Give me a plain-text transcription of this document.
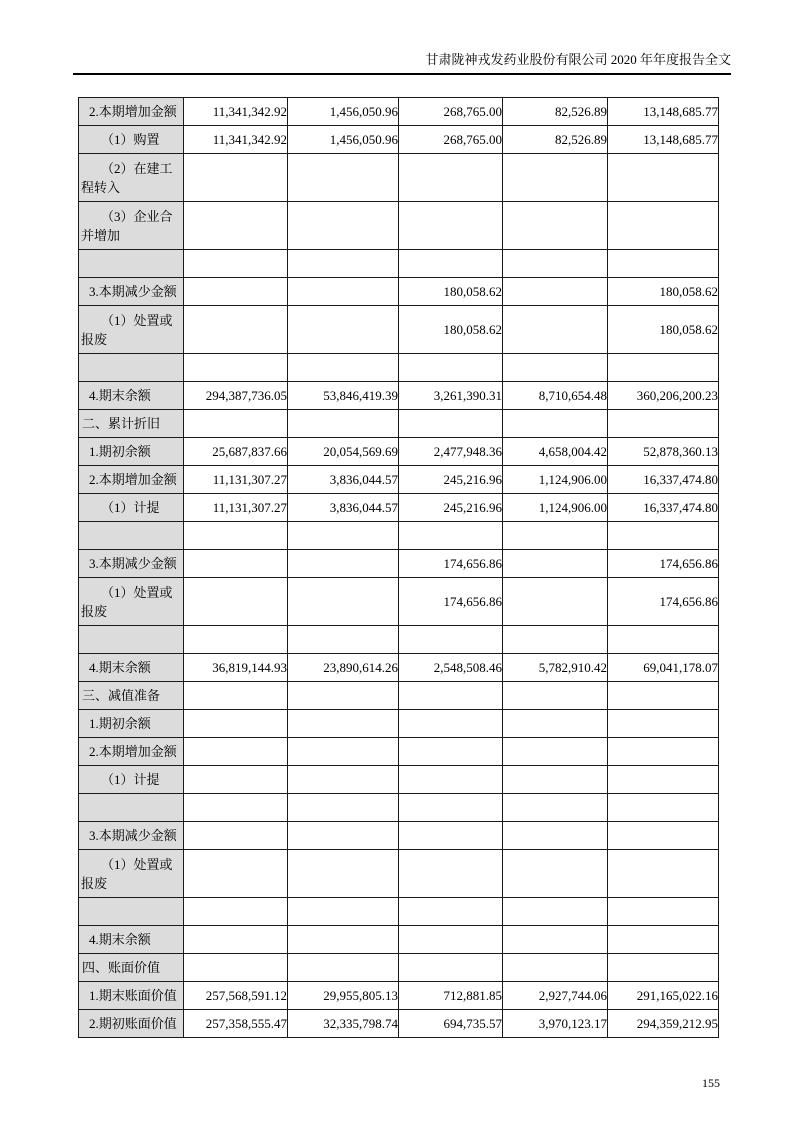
甘肃陇神戎发药业股份有限公司 2020 年年度报告全文
2.本期增加金额	11,341,342.92	1,456,050.96	268,765.00	82,526.89	13,148,685.77
（1）购置	11,341,342.92	1,456,050.96	268,765.00	82,526.89	13,148,685.77
（2）在建工程转入					
（3）企业合并增加					

3.本期减少金额			180,058.62		180,058.62
（1）处置或报废			180,058.62		180,058.62

4.期末余额	294,387,736.05	53,846,419.39	3,261,390.31	8,710,654.48	360,206,200.23
二、累计折旧					
1.期初余额	25,687,837.66	20,054,569.69	2,477,948.36	4,658,004.42	52,878,360.13
2.本期增加金额	11,131,307.27	3,836,044.57	245,216.96	1,124,906.00	16,337,474.80
（1）计提	11,131,307.27	3,836,044.57	245,216.96	1,124,906.00	16,337,474.80

3.本期减少金额			174,656.86		174,656.86
（1）处置或报废			174,656.86		174,656.86

4.期末余额	36,819,144.93	23,890,614.26	2,548,508.46	5,782,910.42	69,041,178.07
三、减值准备					
1.期初余额					
2.本期增加金额					
（1）计提					

3.本期减少金额					
（1）处置或报废					

4.期末余额					
四、账面价值					
1.期末账面价值	257,568,591.12	29,955,805.13	712,881.85	2,927,744.06	291,165,022.16
2.期初账面价值	257,358,555.47	32,335,798.74	694,735.57	3,970,123.17	294,359,212.95
155
